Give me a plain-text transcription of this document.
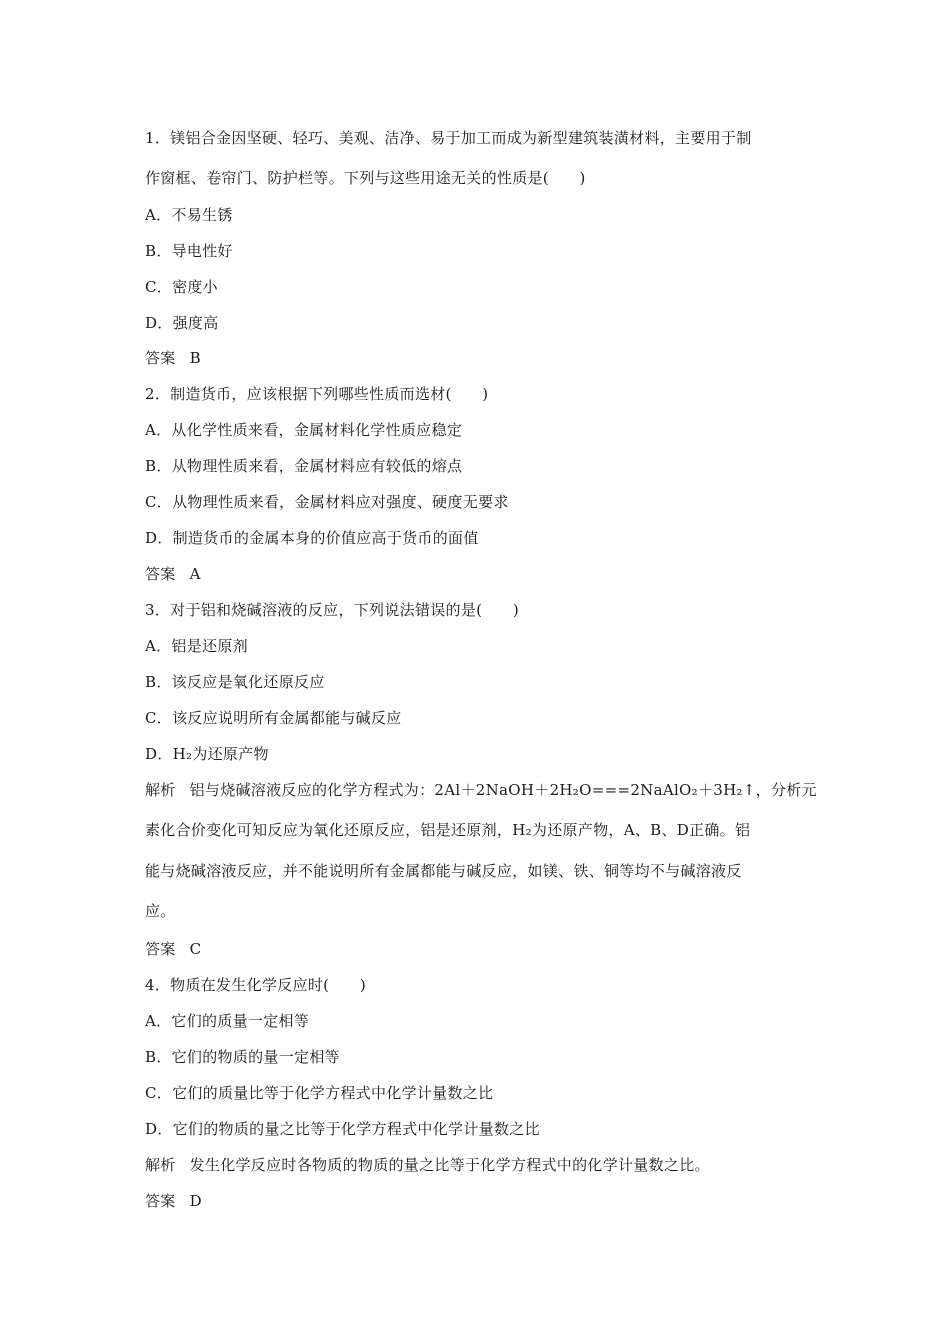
1．镁铝合金因坚硬、轻巧、美观、洁净、易于加工而成为新型建筑装潢材料，主要用于制
作窗框、卷帘门、防护栏等。下列与这些用途无关的性质是(　　)
A．不易生锈
B．导电性好
C．密度小
D．强度高
答案 B
2．制造货币，应该根据下列哪些性质而选材(　　)
A．从化学性质来看，金属材料化学性质应稳定
B．从物理性质来看，金属材料应有较低的熔点
C．从物理性质来看，金属材料应对强度、硬度无要求
D．制造货币的金属本身的价值应高于货币的面值
答案 A
3．对于铝和烧碱溶液的反应，下列说法错误的是(　　)
A．铝是还原剂
B．该反应是氧化还原反应
C．该反应说明所有金属都能与碱反应
D．H₂为还原产物
解析 铝与烧碱溶液反应的化学方程式为：2Al＋2NaOH＋2H₂O===2NaAlO₂＋3H₂↑，分析元
素化合价变化可知反应为氧化还原反应，铝是还原剂，H₂为还原产物，A、B、D正确。铝
能与烧碱溶液反应，并不能说明所有金属都能与碱反应，如镁、铁、铜等均不与碱溶液反
应。
答案 C
4．物质在发生化学反应时(　　)
A．它们的质量一定相等
B．它们的物质的量一定相等
C．它们的质量比等于化学方程式中化学计量数之比
D．它们的物质的量之比等于化学方程式中化学计量数之比
解析 发生化学反应时各物质的物质的量之比等于化学方程式中的化学计量数之比。
答案 D
